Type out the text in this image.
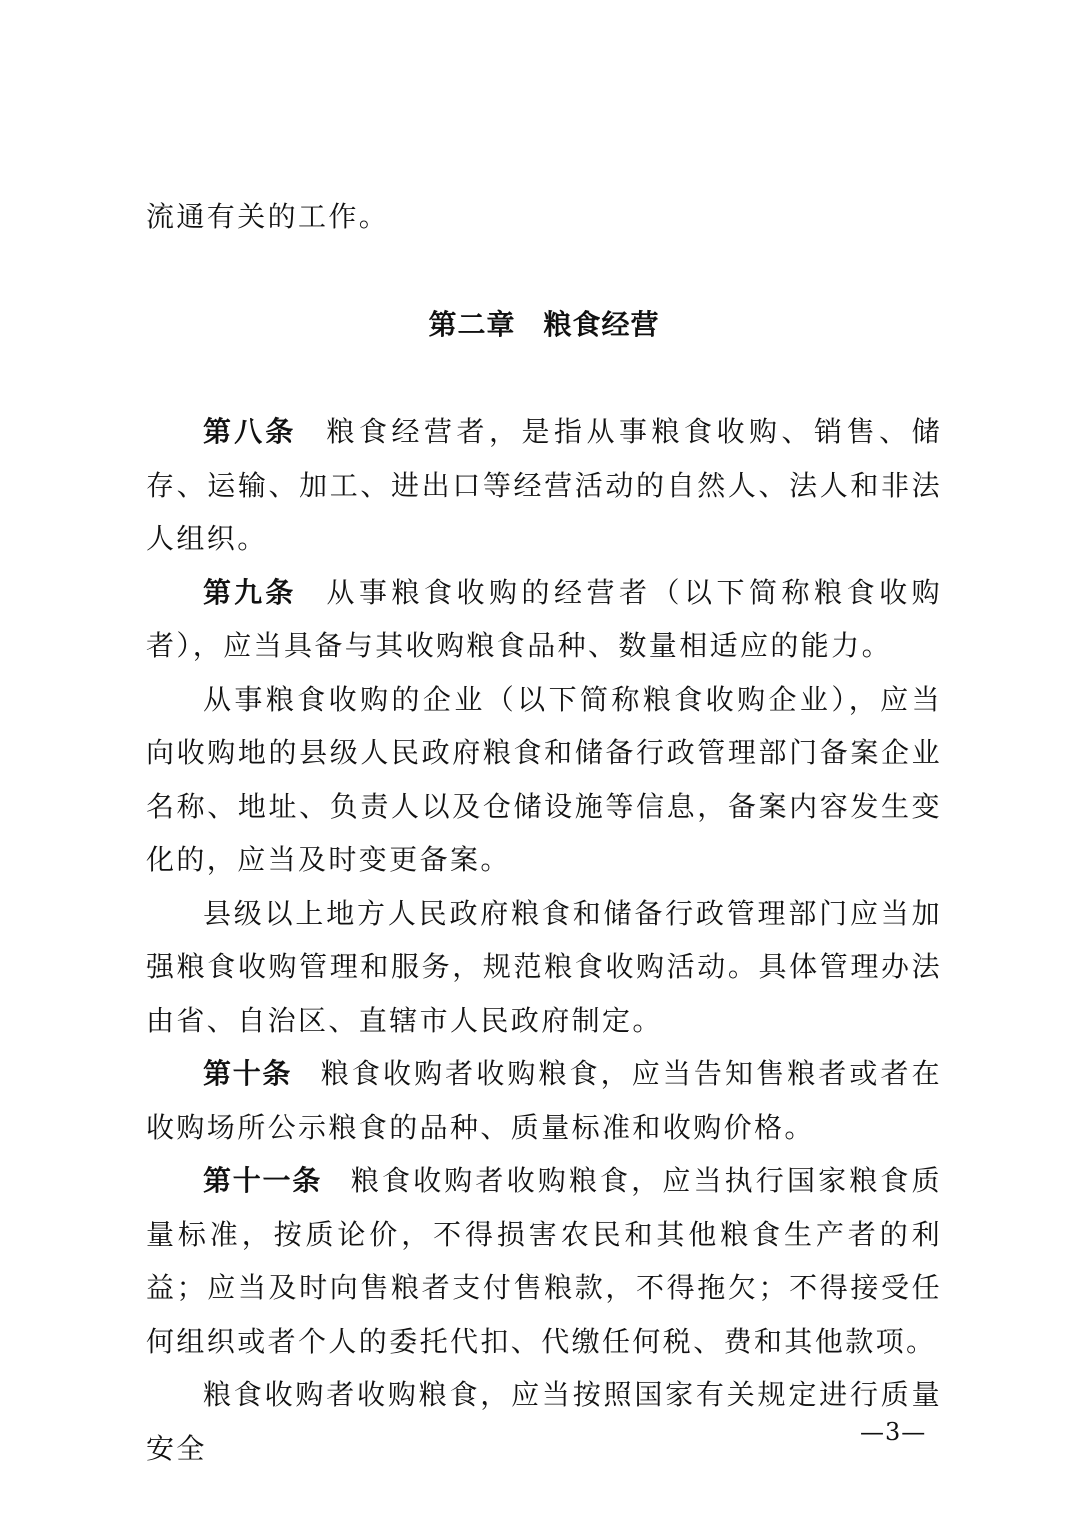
流通有关的工作。

第二章 粮食经营

第八条 粮食经营者，是指从事粮食收购、销售、储存、运输、加工、进出口等经营活动的自然人、法人和非法人组织。

第九条 从事粮食收购的经营者（以下简称粮食收购者），应当具备与其收购粮食品种、数量相适应的能力。

从事粮食收购的企业（以下简称粮食收购企业），应当向收购地的县级人民政府粮食和储备行政管理部门备案企业名称、地址、负责人以及仓储设施等信息，备案内容发生变化的，应当及时变更备案。

县级以上地方人民政府粮食和储备行政管理部门应当加强粮食收购管理和服务，规范粮食收购活动。具体管理办法由省、自治区、直辖市人民政府制定。

第十条 粮食收购者收购粮食，应当告知售粮者或者在收购场所公示粮食的品种、质量标准和收购价格。

第十一条 粮食收购者收购粮食，应当执行国家粮食质量标准，按质论价，不得损害农民和其他粮食生产者的利益；应当及时向售粮者支付售粮款，不得拖欠；不得接受任何组织或者个人的委托代扣、代缴任何税、费和其他款项。

粮食收购者收购粮食，应当按照国家有关规定进行质量安全	—3—
